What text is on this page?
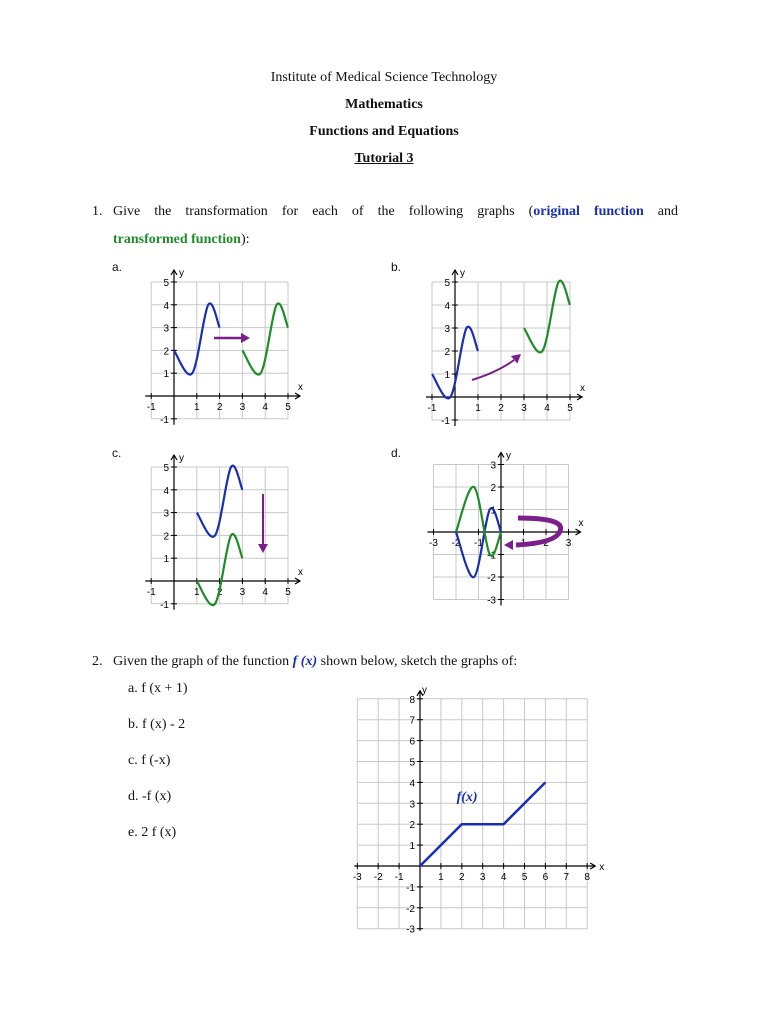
Institute of Medical Science Technology
Mathematics
Functions and Equations
Tutorial 3
1. Give the transformation for each of the following graphs (original function and
transformed function):
a.	b.
c.	d.
x
y
-1	1 2 3 4 5
-1
1
2
3
4
5
x
y
-1	1 2 3 4 5
-1
1
2
3
4
5
x
y
-1	1 2 3 4 5
-1
1
2
3
4
5
x
y
-3 -2 -1	1 2 3
-3
-2
-1
1
2
3
x
y
-3 -2 -1	1 2 3 4 5 6 7 8
-3
-2
-1
1
2
3
4
5
6
7
8
f(x)
2. Given the graph of the function f (x) shown below, sketch the graphs of:
a. f (x + 1)
b. f (x) - 2
c. f (-x)
d. -f (x)
e. 2 f (x)
